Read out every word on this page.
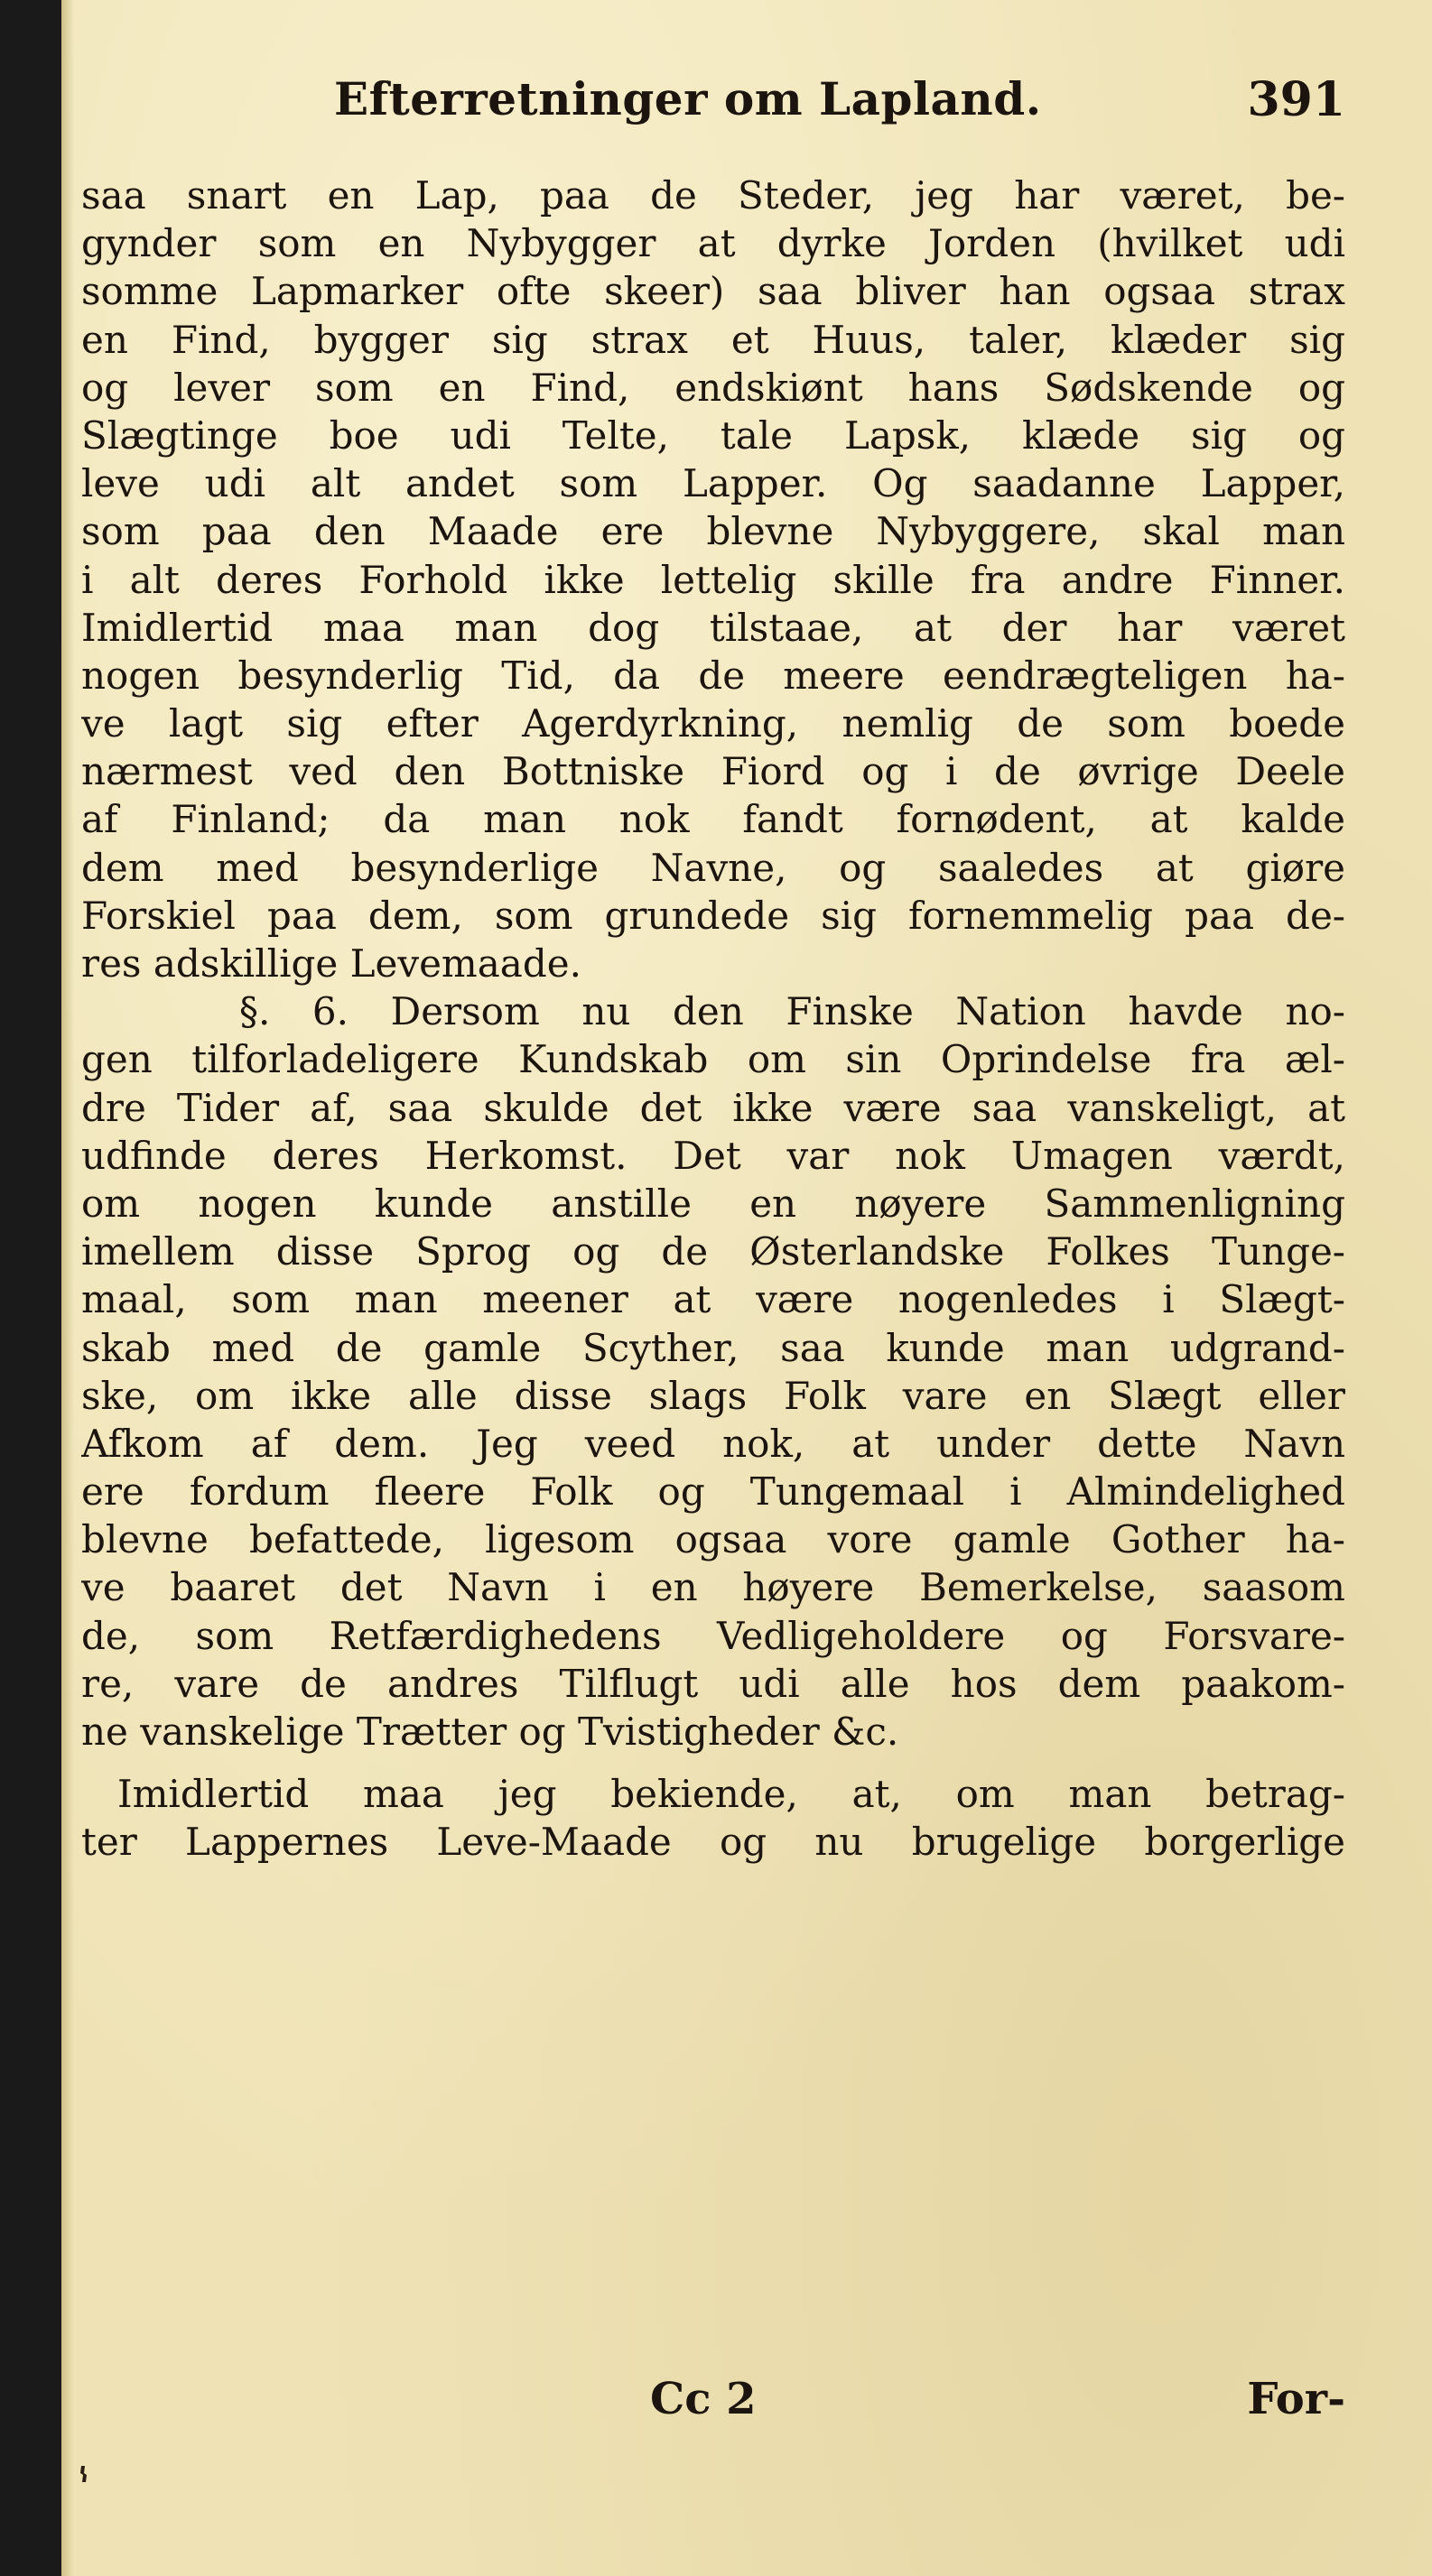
Efterretninger om Lapland.	391
saa snart en Lap, paa de Steder, jeg har været, be-
gynder som en Nybygger at dyrke Jorden (hvilket udi
somme Lapmarker ofte skeer) saa bliver han ogsaa strax
en Find, bygger sig strax et Huus, taler, klæder sig
og lever som en Find, endskiønt hans Sødskende og
Slægtinge boe udi Telte, tale Lapsk, klæde sig og
leve udi alt andet som Lapper. Og saadanne Lapper,
som paa den Maade ere blevne Nybyggere, skal man
i alt deres Forhold ikke lettelig skille fra andre Finner.
Imidlertid maa man dog tilstaae, at der har været
nogen besynderlig Tid, da de meere eendrægteligen ha-
ve lagt sig efter Agerdyrkning, nemlig de som boede
nærmest ved den Bottniske Fiord og i de øvrige Deele
af Finland; da man nok fandt fornødent, at kalde
dem med besynderlige Navne, og saaledes at giøre
Forskiel paa dem, som grundede sig fornemmelig paa de-
res adskillige Levemaade.
§. 6. Dersom nu den Finske Nation havde no-
gen tilforladeligere Kundskab om sin Oprindelse fra æl-
dre Tider af, saa skulde det ikke være saa vanskeligt, at
udfinde deres Herkomst. Det var nok Umagen værdt,
om nogen kunde anstille en nøyere Sammenligning
imellem disse Sprog og de Østerlandske Folkes Tunge-
maal, som man meener at være nogenledes i Slægt-
skab med de gamle Scyther, saa kunde man udgrand-
ske, om ikke alle disse slags Folk vare en Slægt eller
Afkom af dem. Jeg veed nok, at under dette Navn
ere fordum fleere Folk og Tungemaal i Almindelighed
blevne befattede, ligesom ogsaa vore gamle Gother ha-
ve baaret det Navn i en høyere Bemerkelse, saasom
de, som Retfærdighedens Vedligeholdere og Forsvare-
re, vare de andres Tilflugt udi alle hos dem paakom-
ne vanskelige Trætter og Tvistigheder &c.
Imidlertid maa jeg bekiende, at, om man betrag-
ter Lappernes Leve-Maade og nu brugelige borgerlige
Cc 2	For-
